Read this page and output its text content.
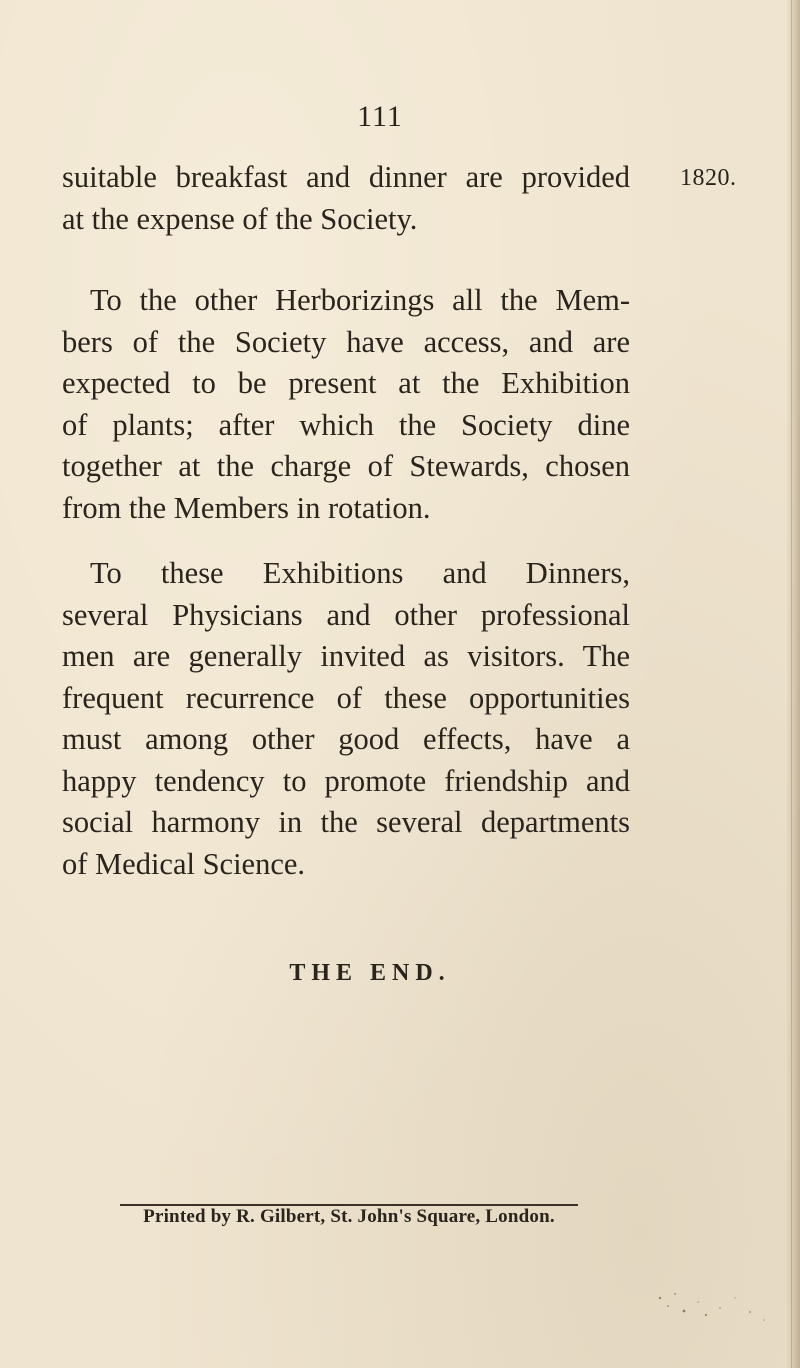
111
1820.

suitable breakfast and dinner are provided
at the expense of the Society.

To the other Herborizings all the Mem-
bers of the Society have access, and are
expected to be present at the Exhibition
of plants; after which the Society dine
together at the charge of Stewards, chosen
from the Members in rotation.

To these Exhibitions and Dinners,
several Physicians and other professional
men are generally invited as visitors. The
frequent recurrence of these opportunities
must among other good effects, have a
happy tendency to promote friendship and
social harmony in the several departments
of Medical Science.

THE END.
Printed by R. Gilbert, St. John's Square, London.
